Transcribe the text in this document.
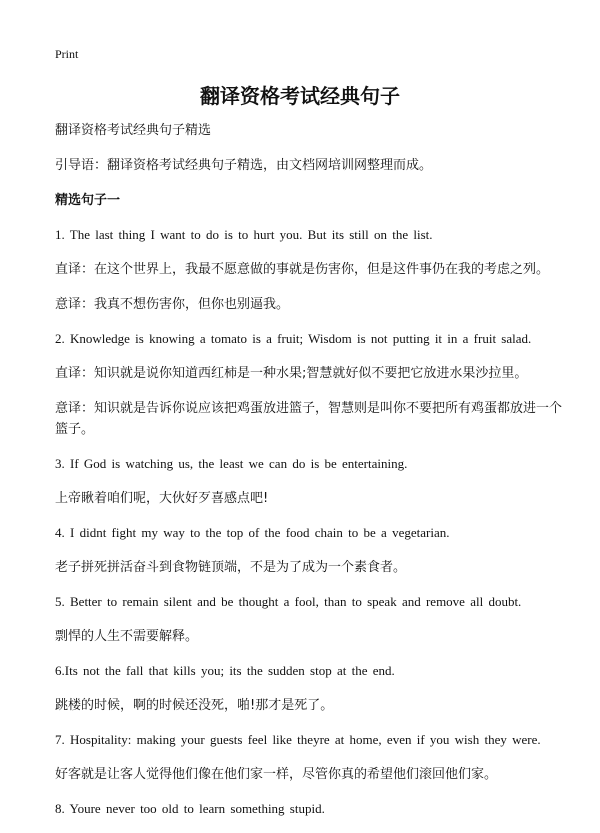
Print
翻译资格考试经典句子

翻译资格考试经典句子精选

引导语：翻译资格考试经典句子精选，由文档网培训网整理而成。

精选句子一

1. The last thing I want to do is to hurt you. But its still on the list.

直译：在这个世界上，我最不愿意做的事就是伤害你，但是这件事仍在我的考虑之列。

意译：我真不想伤害你，但你也别逼我。

2. Knowledge is knowing a tomato is a fruit; Wisdom is not putting it in a fruit salad.

直译：知识就是说你知道西红柿是一种水果;智慧就好似不要把它放进水果沙拉里。

意译：知识就是告诉你说应该把鸡蛋放进篮子，智慧则是叫你不要把所有鸡蛋都放进一个篮子。

3. If God is watching us, the least we can do is be entertaining.

上帝瞅着咱们呢，大伙好歹喜感点吧!

4. I didnt fight my way to the top of the food chain to be a vegetarian.

老子拼死拼活奋斗到食物链顶端，不是为了成为一个素食者。

5. Better to remain silent and be thought a fool, than to speak and remove all doubt.

剽悍的人生不需要解释。

6.Its not the fall that kills you; its the sudden stop at the end.

跳楼的时候，啊的时候还没死，啪!那才是死了。

7. Hospitality: making your guests feel like theyre at home, even if you wish they were.

好客就是让客人觉得他们像在他们家一样，尽管你真的希望他们滚回他们家。

8. Youre never too old to learn something stupid.
